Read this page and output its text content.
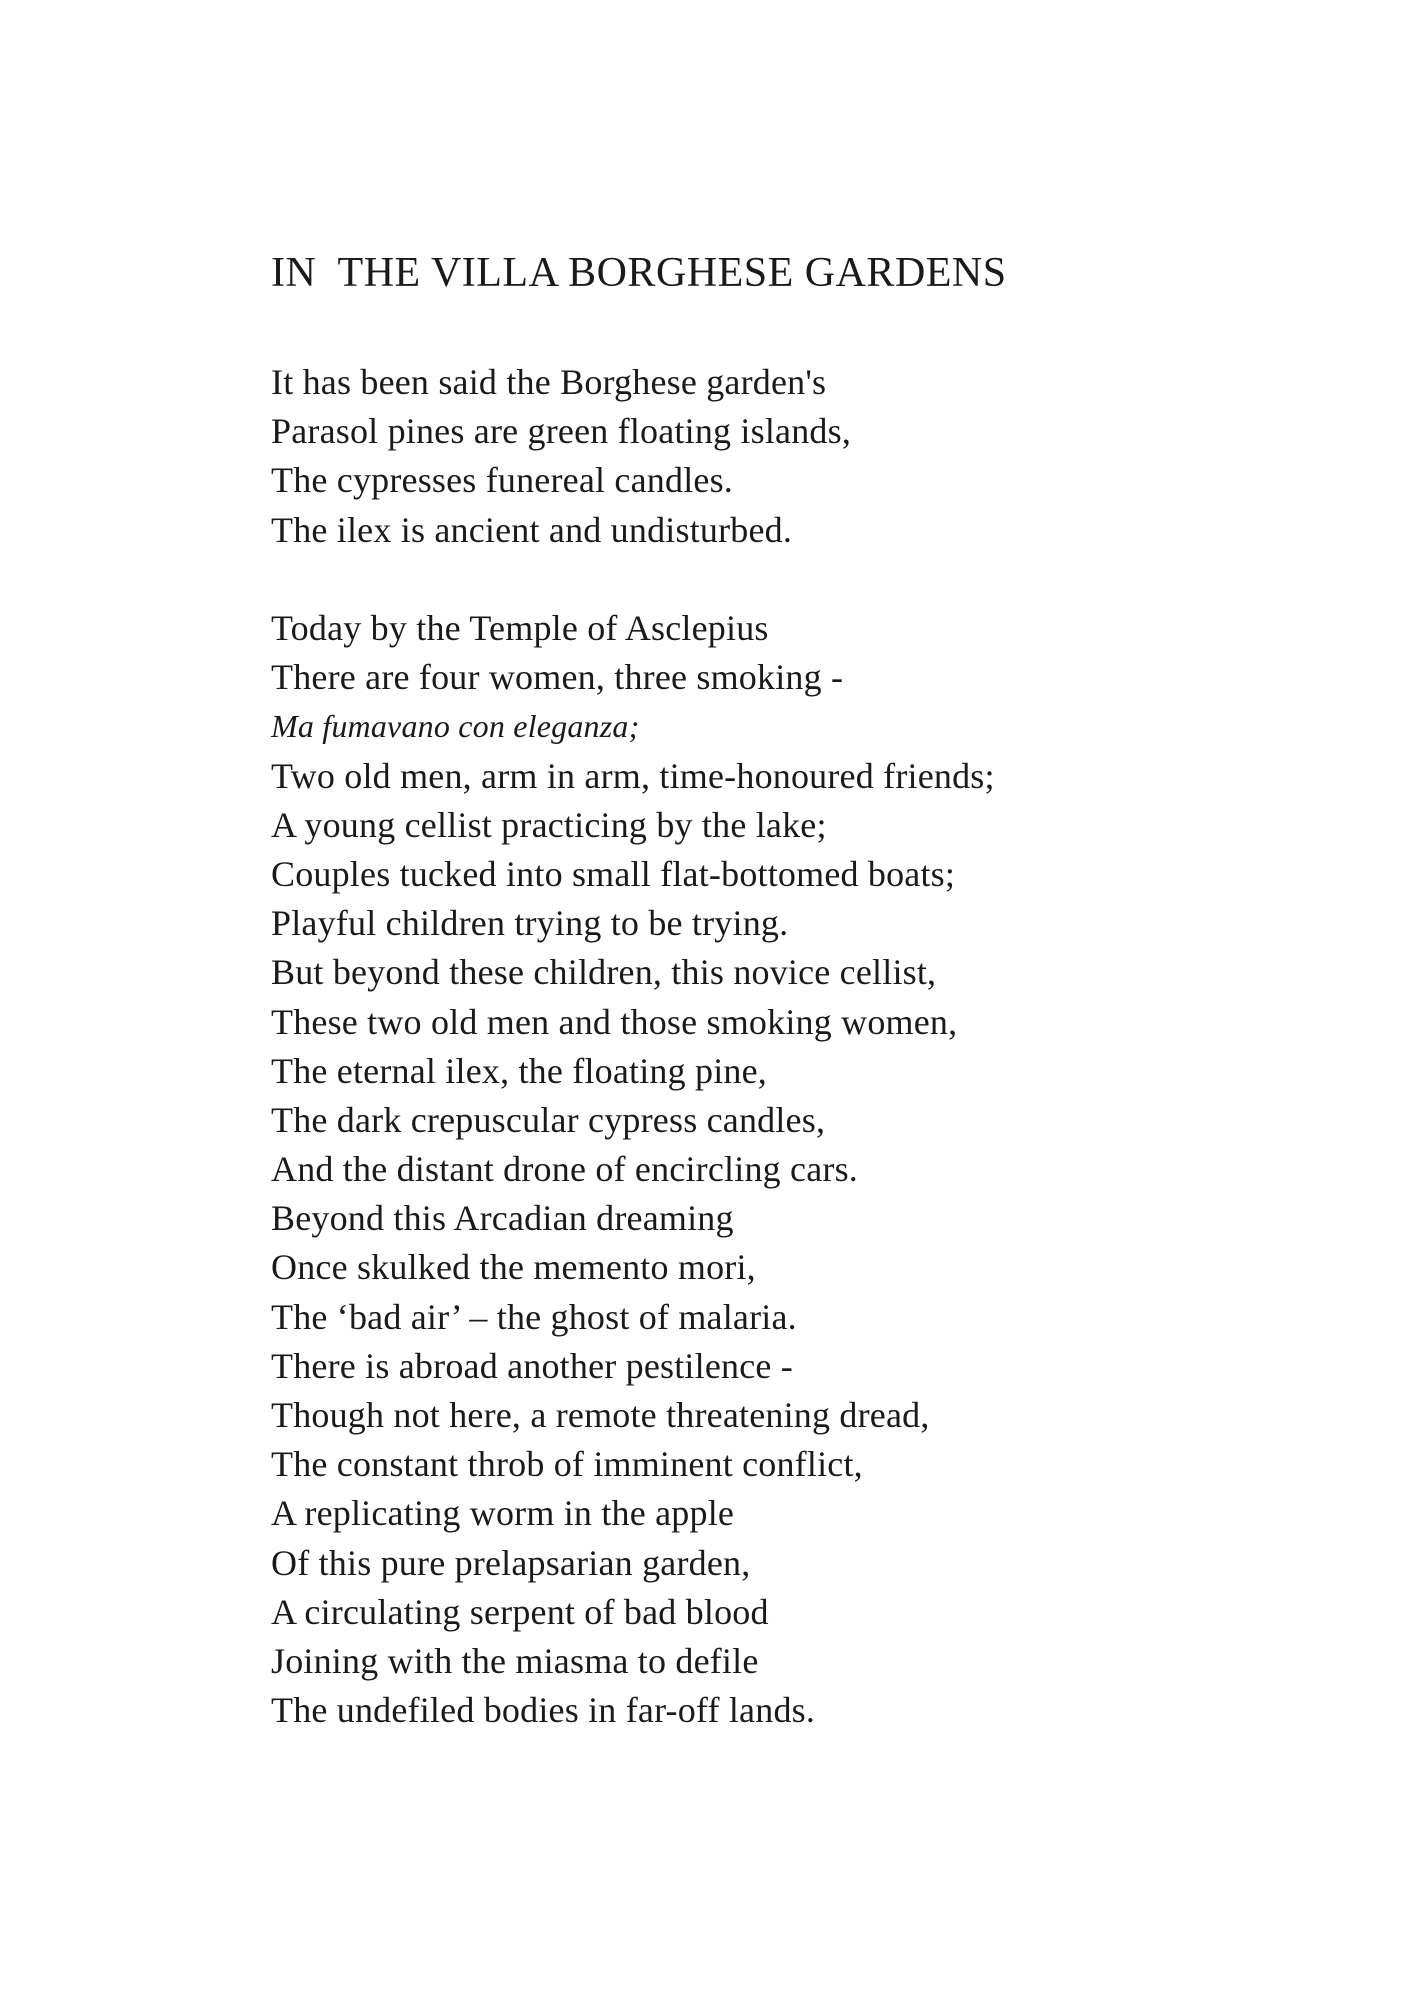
IN  THE VILLA BORGHESE GARDENS
It has been said the Borghese garden's
Parasol pines are green floating islands,
The cypresses funereal candles.
The ilex is ancient and undisturbed.
Today by the Temple of Asclepius
There are four women, three smoking -
Ma fumavano con eleganza;
Two old men, arm in arm, time-honoured friends;
A young cellist practicing by the lake;
Couples tucked into small flat-bottomed boats;
Playful children trying to be trying.
But beyond these children, this novice cellist,
These two old men and those smoking women,
The eternal ilex, the floating pine,
The dark crepuscular cypress candles,
And the distant drone of encircling cars.
Beyond this Arcadian dreaming
Once skulked the memento mori,
The ‘bad air’ – the ghost of malaria.
There is abroad another pestilence -
Though not here, a remote threatening dread,
The constant throb of imminent conflict,
A replicating worm in the apple
Of this pure prelapsarian garden,
A circulating serpent of bad blood
Joining with the miasma to defile
The undefiled bodies in far-off lands.
